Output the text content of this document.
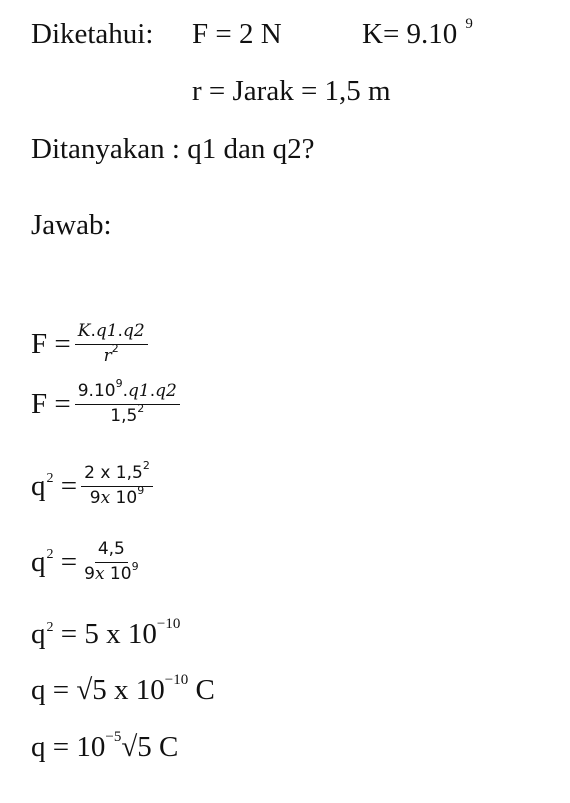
Diketahui: F = 2 N	K= 9.10 $^9$
r = Jarak = 1,5 m
Ditanyakan : q1 dan q2?
Jawab:
$F = \frac{K.q1.q2}{r^2}$
$F = \frac{9.10^9.q1.q2}{1,5^2}$
$q^2 = \frac{2 x 1,5^2}{9x 10^9}$
$q^2 = \frac{4,5}{9x 10^9}$
$q^2 = 5$ x $10^{-10}$
q = √5 x $10^{-10}$ C
$q = 10^{-5}√5$ C
